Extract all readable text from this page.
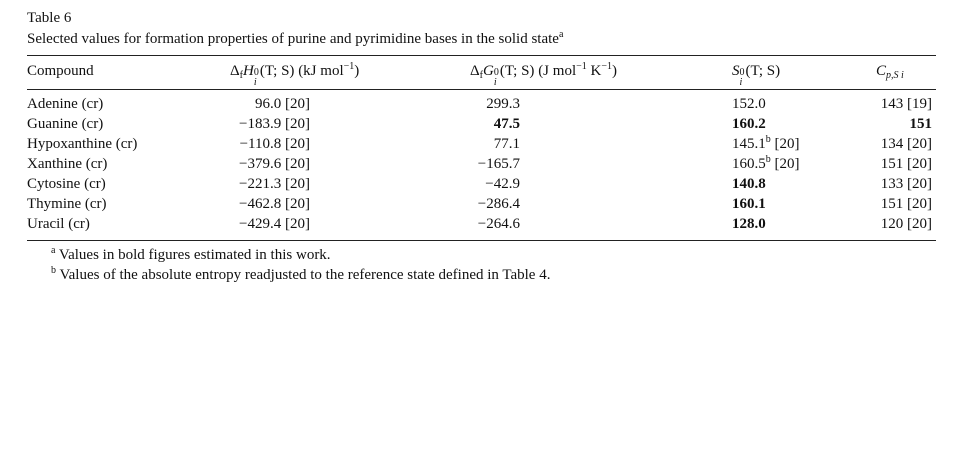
Table 6
Selected values for formation properties of purine and pyrimidine bases in the solid state$^a$
Compound	$\Delta_fH$ 0
i
(T; S) (kJ mol$^{-1}$)	$\Delta_fG$ 0
i
(T; S) (J mol$^{-1}$ $K^{-1}$)	S 0
i
(T; S)	$C_{p,S i}$
Adenine (cr)	96.0 [20]	299.3	152.0	143 [19]
Guanine (cr)	−183.9 [20]	47.5	160.2	151
Hypoxanthine (cr)	−110.8 [20]	77.1	145.1$^b$ [20]	134 [20]
Xanthine (cr)	−379.6 [20]	−165.7	160.5$^b$ [20]	151 [20]
Cytosine (cr)	−221.3 [20]	−42.9	140.8	133 [20]
Thymine (cr)	−462.8 [20]	−286.4	160.1	151 [20]
Uracil (cr)	−429.4 [20]	−264.6	128.0	120 [20]
$^a$ Values in bold figures estimated in this work.
$^b$ Values of the absolute entropy readjusted to the reference state defined in Table 4.
